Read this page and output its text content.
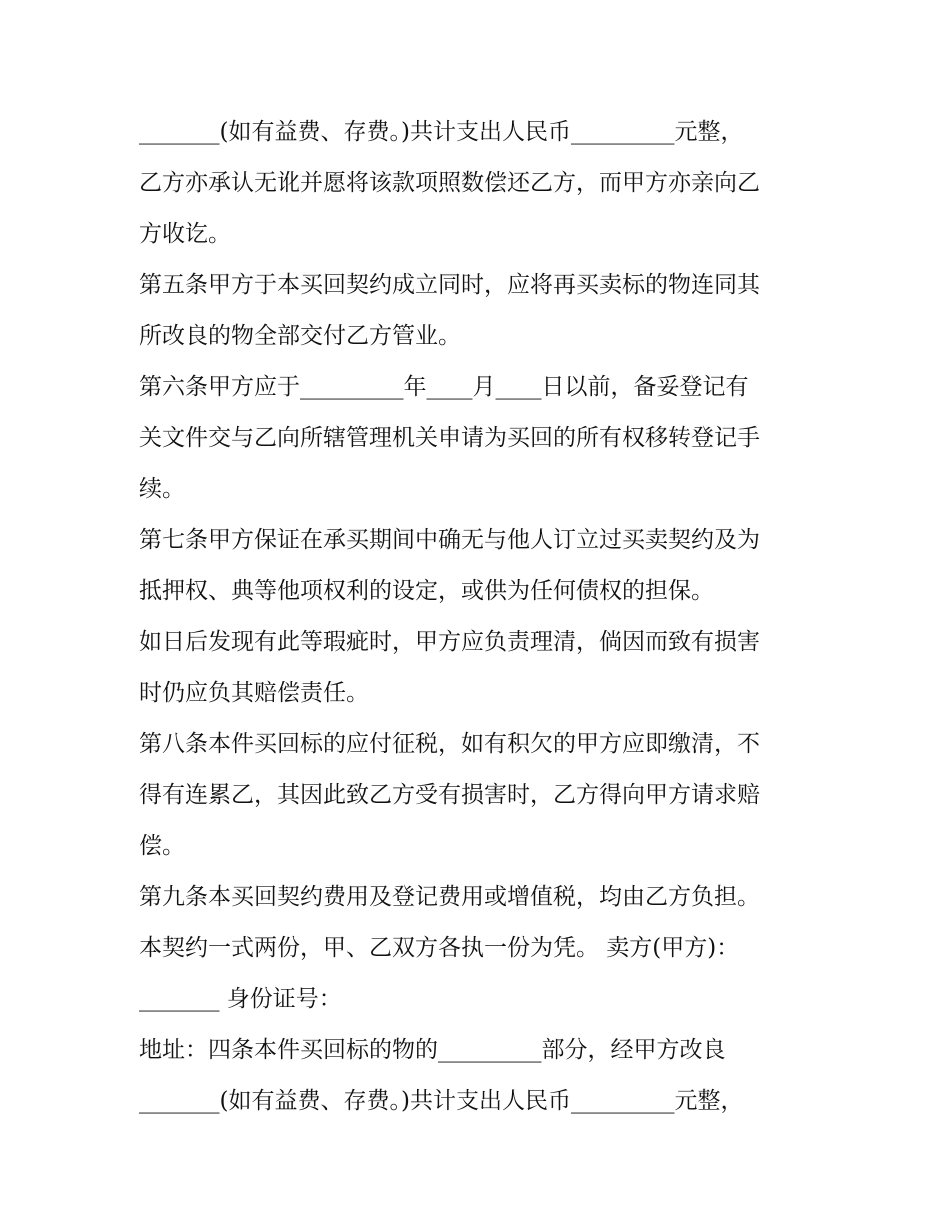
_______(如有益费、存费。)共计支出人民币_________元整，
乙方亦承认无讹并愿将该款项照数偿还乙方，而甲方亦亲向乙
方收讫。
第五条甲方于本买回契约成立同时，应将再买卖标的物连同其
所改良的物全部交付乙方管业。
第六条甲方应于_________年____月____日以前，备妥登记有
关文件交与乙向所辖管理机关申请为买回的所有权移转登记手
续。
第七条甲方保证在承买期间中确无与他人订立过买卖契约及为
抵押权、典等他项权利的设定，或供为任何债权的担保。
如日后发现有此等瑕疵时，甲方应负责理清，倘因而致有损害
时仍应负其赔偿责任。
第八条本件买回标的应付征税，如有积欠的甲方应即缴清，不
得有连累乙，其因此致乙方受有损害时，乙方得向甲方请求赔
偿。
第九条本买回契约费用及登记费用或增值税，均由乙方负担。
本契约一式两份，甲、乙双方各执一份为凭。 卖方(甲方)：
_______ 身份证号：
地址：四条本件买回标的物的_________部分，经甲方改良
_______(如有益费、存费。)共计支出人民币_________元整，
